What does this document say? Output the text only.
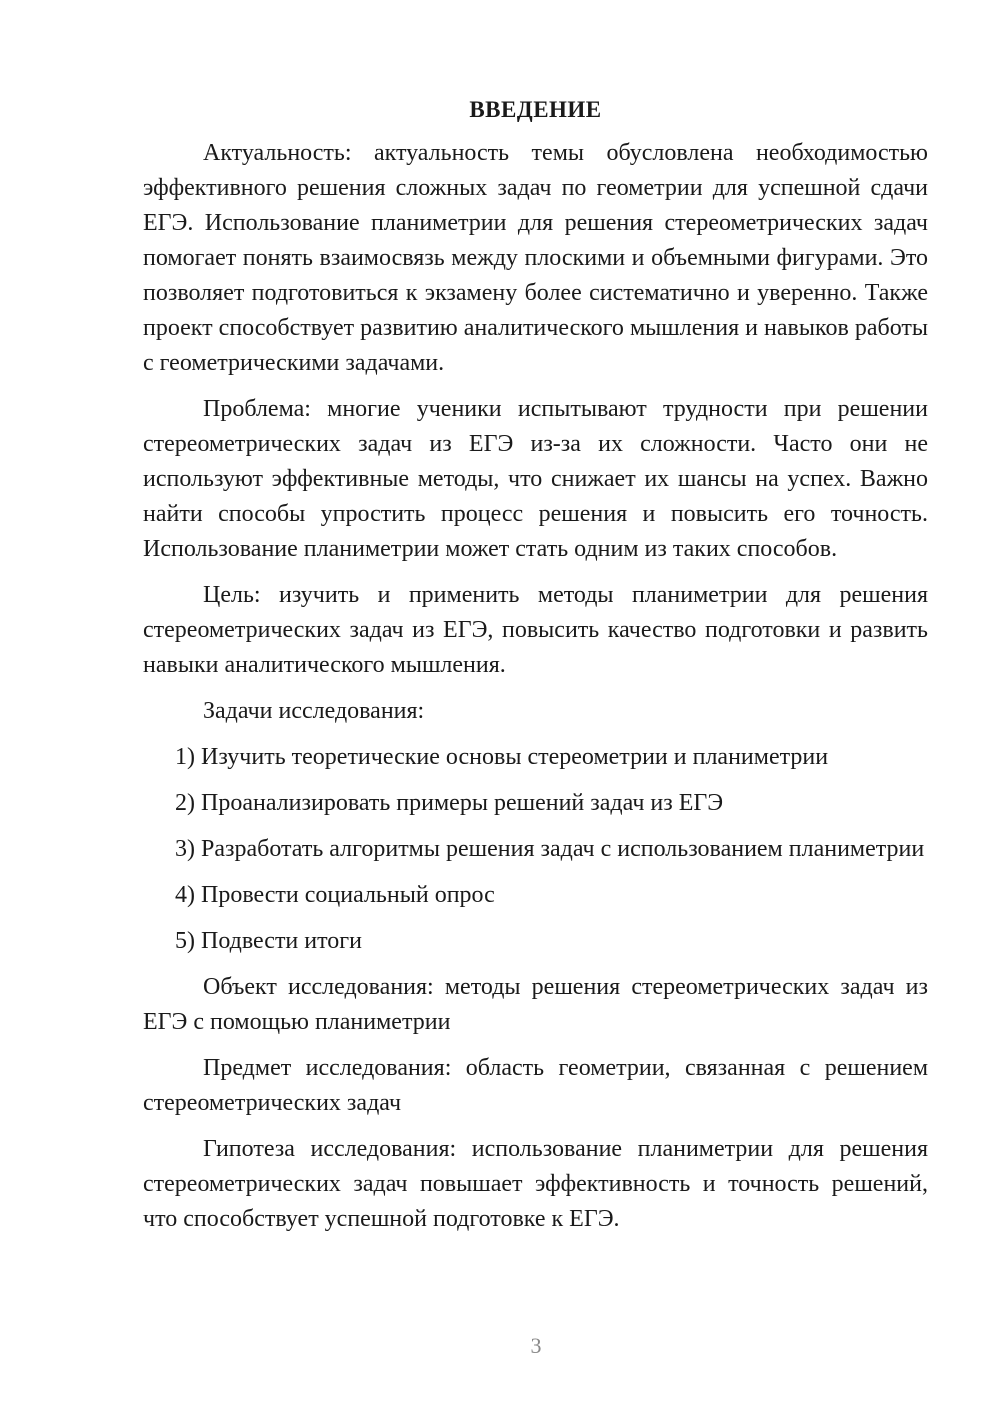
ВВЕДЕНИЕ

Актуальность: актуальность темы обусловлена необходимостью эффективного решения сложных задач по геометрии для успешной сдачи ЕГЭ. Использование планиметрии для решения стереометрических задач помогает понять взаимосвязь между плоскими и объемными фигурами. Это позволяет подготовиться к экзамену более систематично и уверенно. Также проект способствует развитию аналитического мышления и навыков работы с геометрическими задачами.

Проблема: многие ученики испытывают трудности при решении стереометрических задач из ЕГЭ из-за их сложности. Часто они не используют эффективные методы, что снижает их шансы на успех. Важно найти способы упростить процесс решения и повысить его точность. Использование планиметрии может стать одним из таких способов.

Цель: изучить и применить методы планиметрии для решения стереометрических задач из ЕГЭ, повысить качество подготовки и развить навыки аналитического мышления.

Задачи исследования:

1) Изучить теоретические основы стереометрии и планиметрии

2) Проанализировать примеры решений задач из ЕГЭ

3) Разработать алгоритмы решения задач с использованием планиметрии

4) Провести социальный опрос

5) Подвести итоги

Объект исследования: методы решения стереометрических задач из ЕГЭ с помощью планиметрии

Предмет исследования: область геометрии, связанная с решением стереометрических задач

Гипотеза исследования: использование планиметрии для решения стереометрических задач повышает эффективность и точность решений, что способствует успешной подготовке к ЕГЭ.

3
